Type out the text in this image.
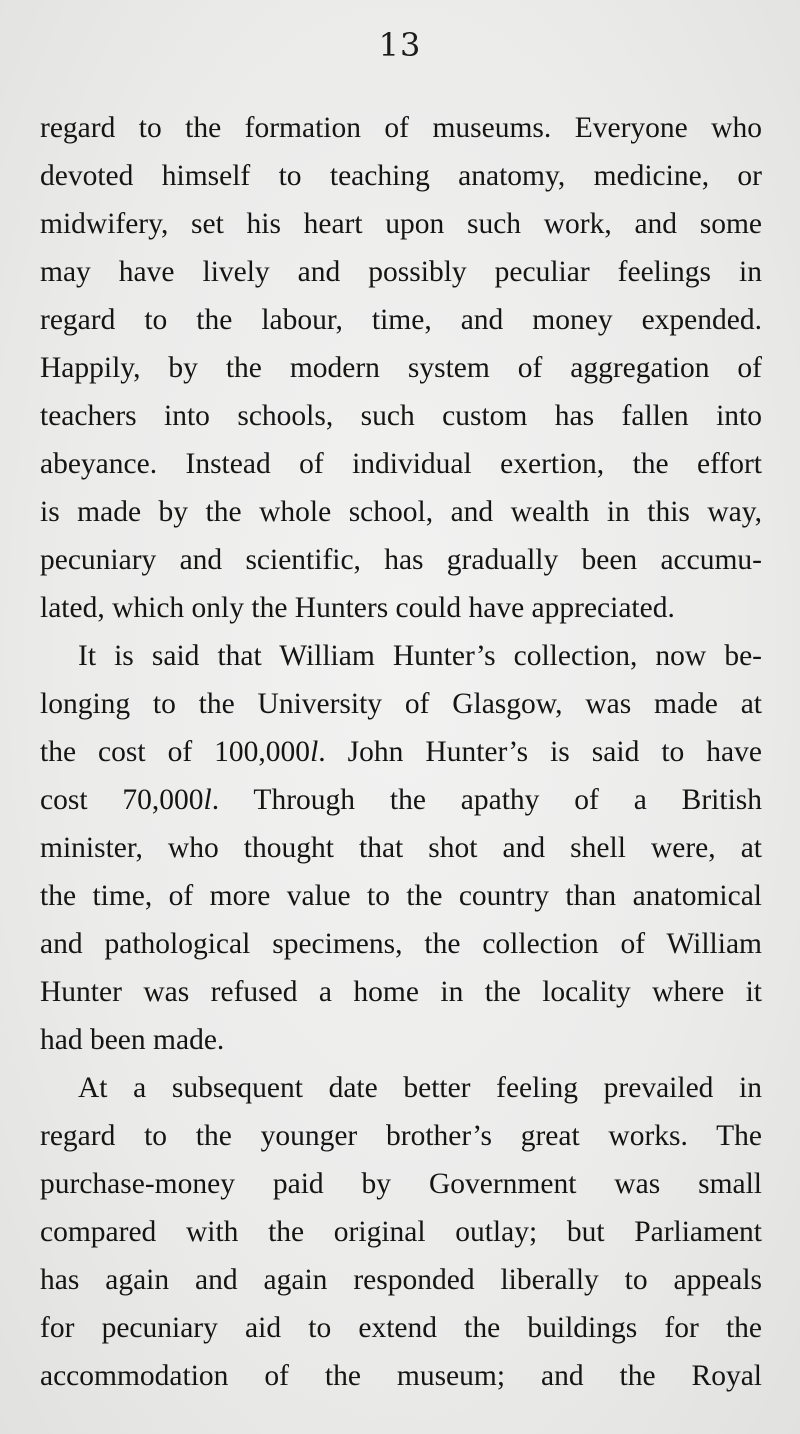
13
regard to the formation of museums. Everyone who
devoted himself to teaching anatomy, medicine, or
midwifery, set his heart upon such work, and some
may have lively and possibly peculiar feelings in
regard to the labour, time, and money expended.
Happily, by the modern system of aggregation of
teachers into schools, such custom has fallen into
abeyance. Instead of individual exertion, the effort
is made by the whole school, and wealth in this way,
pecuniary and scientific, has gradually been accumu-
lated, which only the Hunters could have appreciated.
It is said that William Hunter’s collection, now be-
longing to the University of Glasgow, was made at
the cost of 100,000l. John Hunter’s is said to have
cost 70,000l. Through the apathy of a British
minister, who thought that shot and shell were, at
the time, of more value to the country than anatomical
and pathological specimens, the collection of William
Hunter was refused a home in the locality where it
had been made.
At a subsequent date better feeling prevailed in
regard to the younger brother’s great works. The
purchase-money paid by Government was small
compared with the original outlay; but Parliament
has again and again responded liberally to appeals
for pecuniary aid to extend the buildings for the
accommodation of the museum; and the Royal
